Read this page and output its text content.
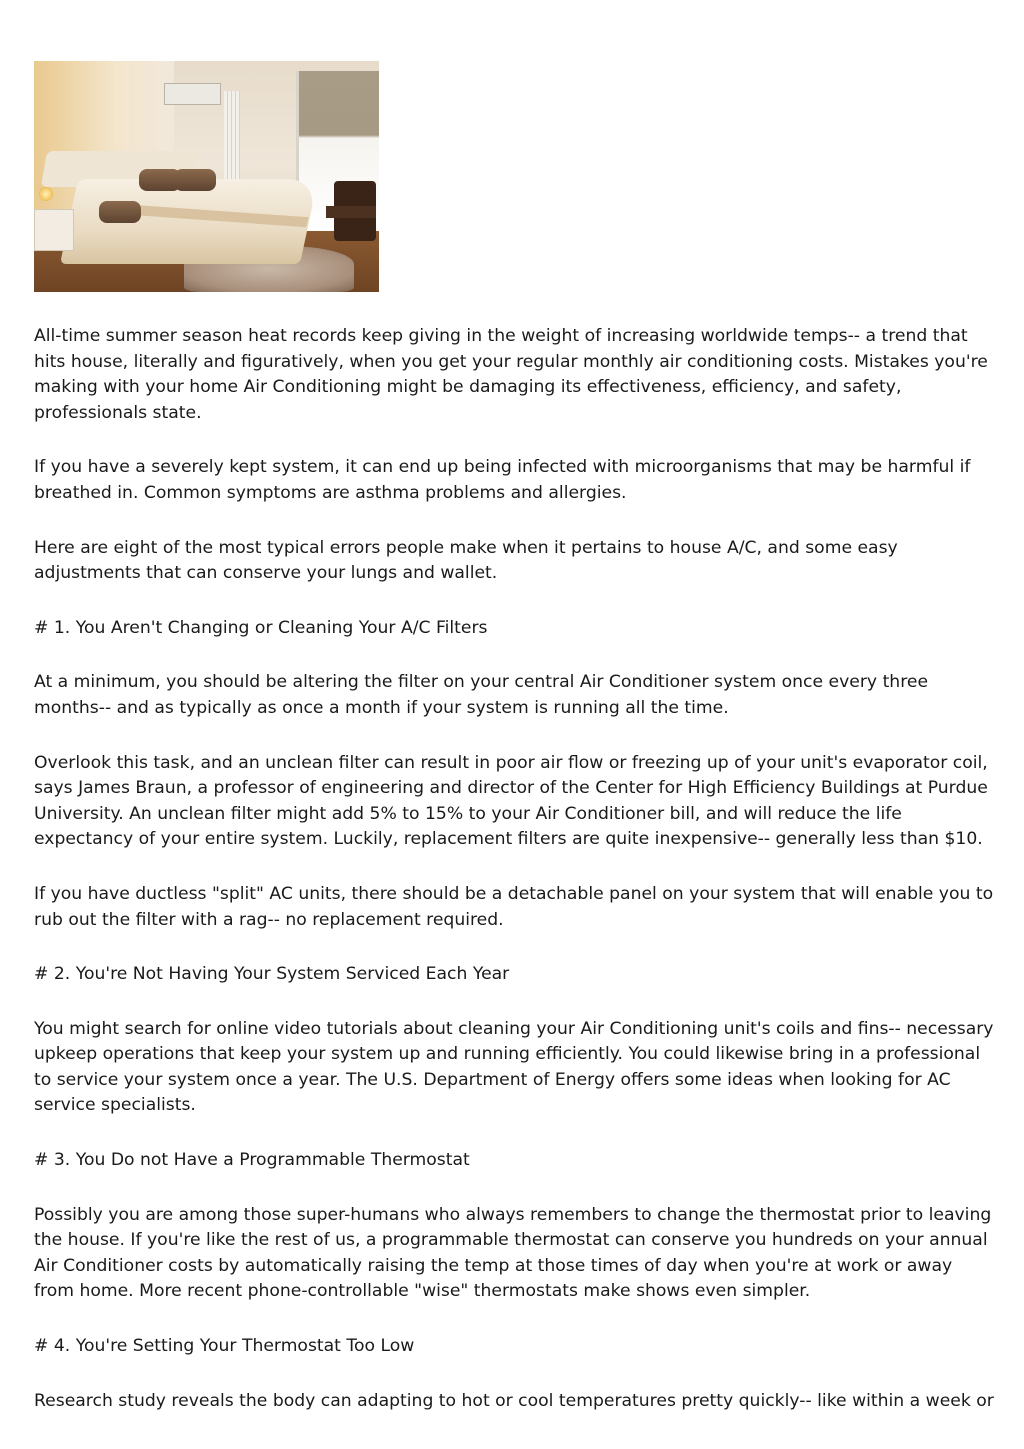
All-time summer season heat records keep giving in the weight of increasing worldwide temps-- a trend that hits house, literally and figuratively, when you get your regular monthly air conditioning costs. Mistakes you're making with your home Air Conditioning might be damaging its effectiveness, efficiency, and safety, professionals state.

If you have a severely kept system, it can end up being infected with microorganisms that may be harmful if breathed in. Common symptoms are asthma problems and allergies.

Here are eight of the most typical errors people make when it pertains to house A/C, and some easy adjustments that can conserve your lungs and wallet.

# 1. You Aren't Changing or Cleaning Your A/C Filters

At a minimum, you should be altering the filter on your central Air Conditioner system once every three months-- and as typically as once a month if your system is running all the time.

Overlook this task, and an unclean filter can result in poor air flow or freezing up of your unit's evaporator coil, says James Braun, a professor of engineering and director of the Center for High Efficiency Buildings at Purdue University. An unclean filter might add 5% to 15% to your Air Conditioner bill, and will reduce the life expectancy of your entire system. Luckily, replacement filters are quite inexpensive-- generally less than $10.

If you have ductless "split" AC units, there should be a detachable panel on your system that will enable you to rub out the filter with a rag-- no replacement required.

# 2. You're Not Having Your System Serviced Each Year

You might search for online video tutorials about cleaning your Air Conditioning unit's coils and fins-- necessary upkeep operations that keep your system up and running efficiently. You could likewise bring in a professional to service your system once a year. The U.S. Department of Energy offers some ideas when looking for AC service specialists.

# 3. You Do not Have a Programmable Thermostat

Possibly you are among those super-humans who always remembers to change the thermostat prior to leaving the house. If you're like the rest of us, a programmable thermostat can conserve you hundreds on your annual Air Conditioner costs by automatically raising the temp at those times of day when you're at work or away from home. More recent phone-controllable "wise" thermostats make shows even simpler.

# 4. You're Setting Your Thermostat Too Low

Research study reveals the body can adapting to hot or cool temperatures pretty quickly-- like within a week or
